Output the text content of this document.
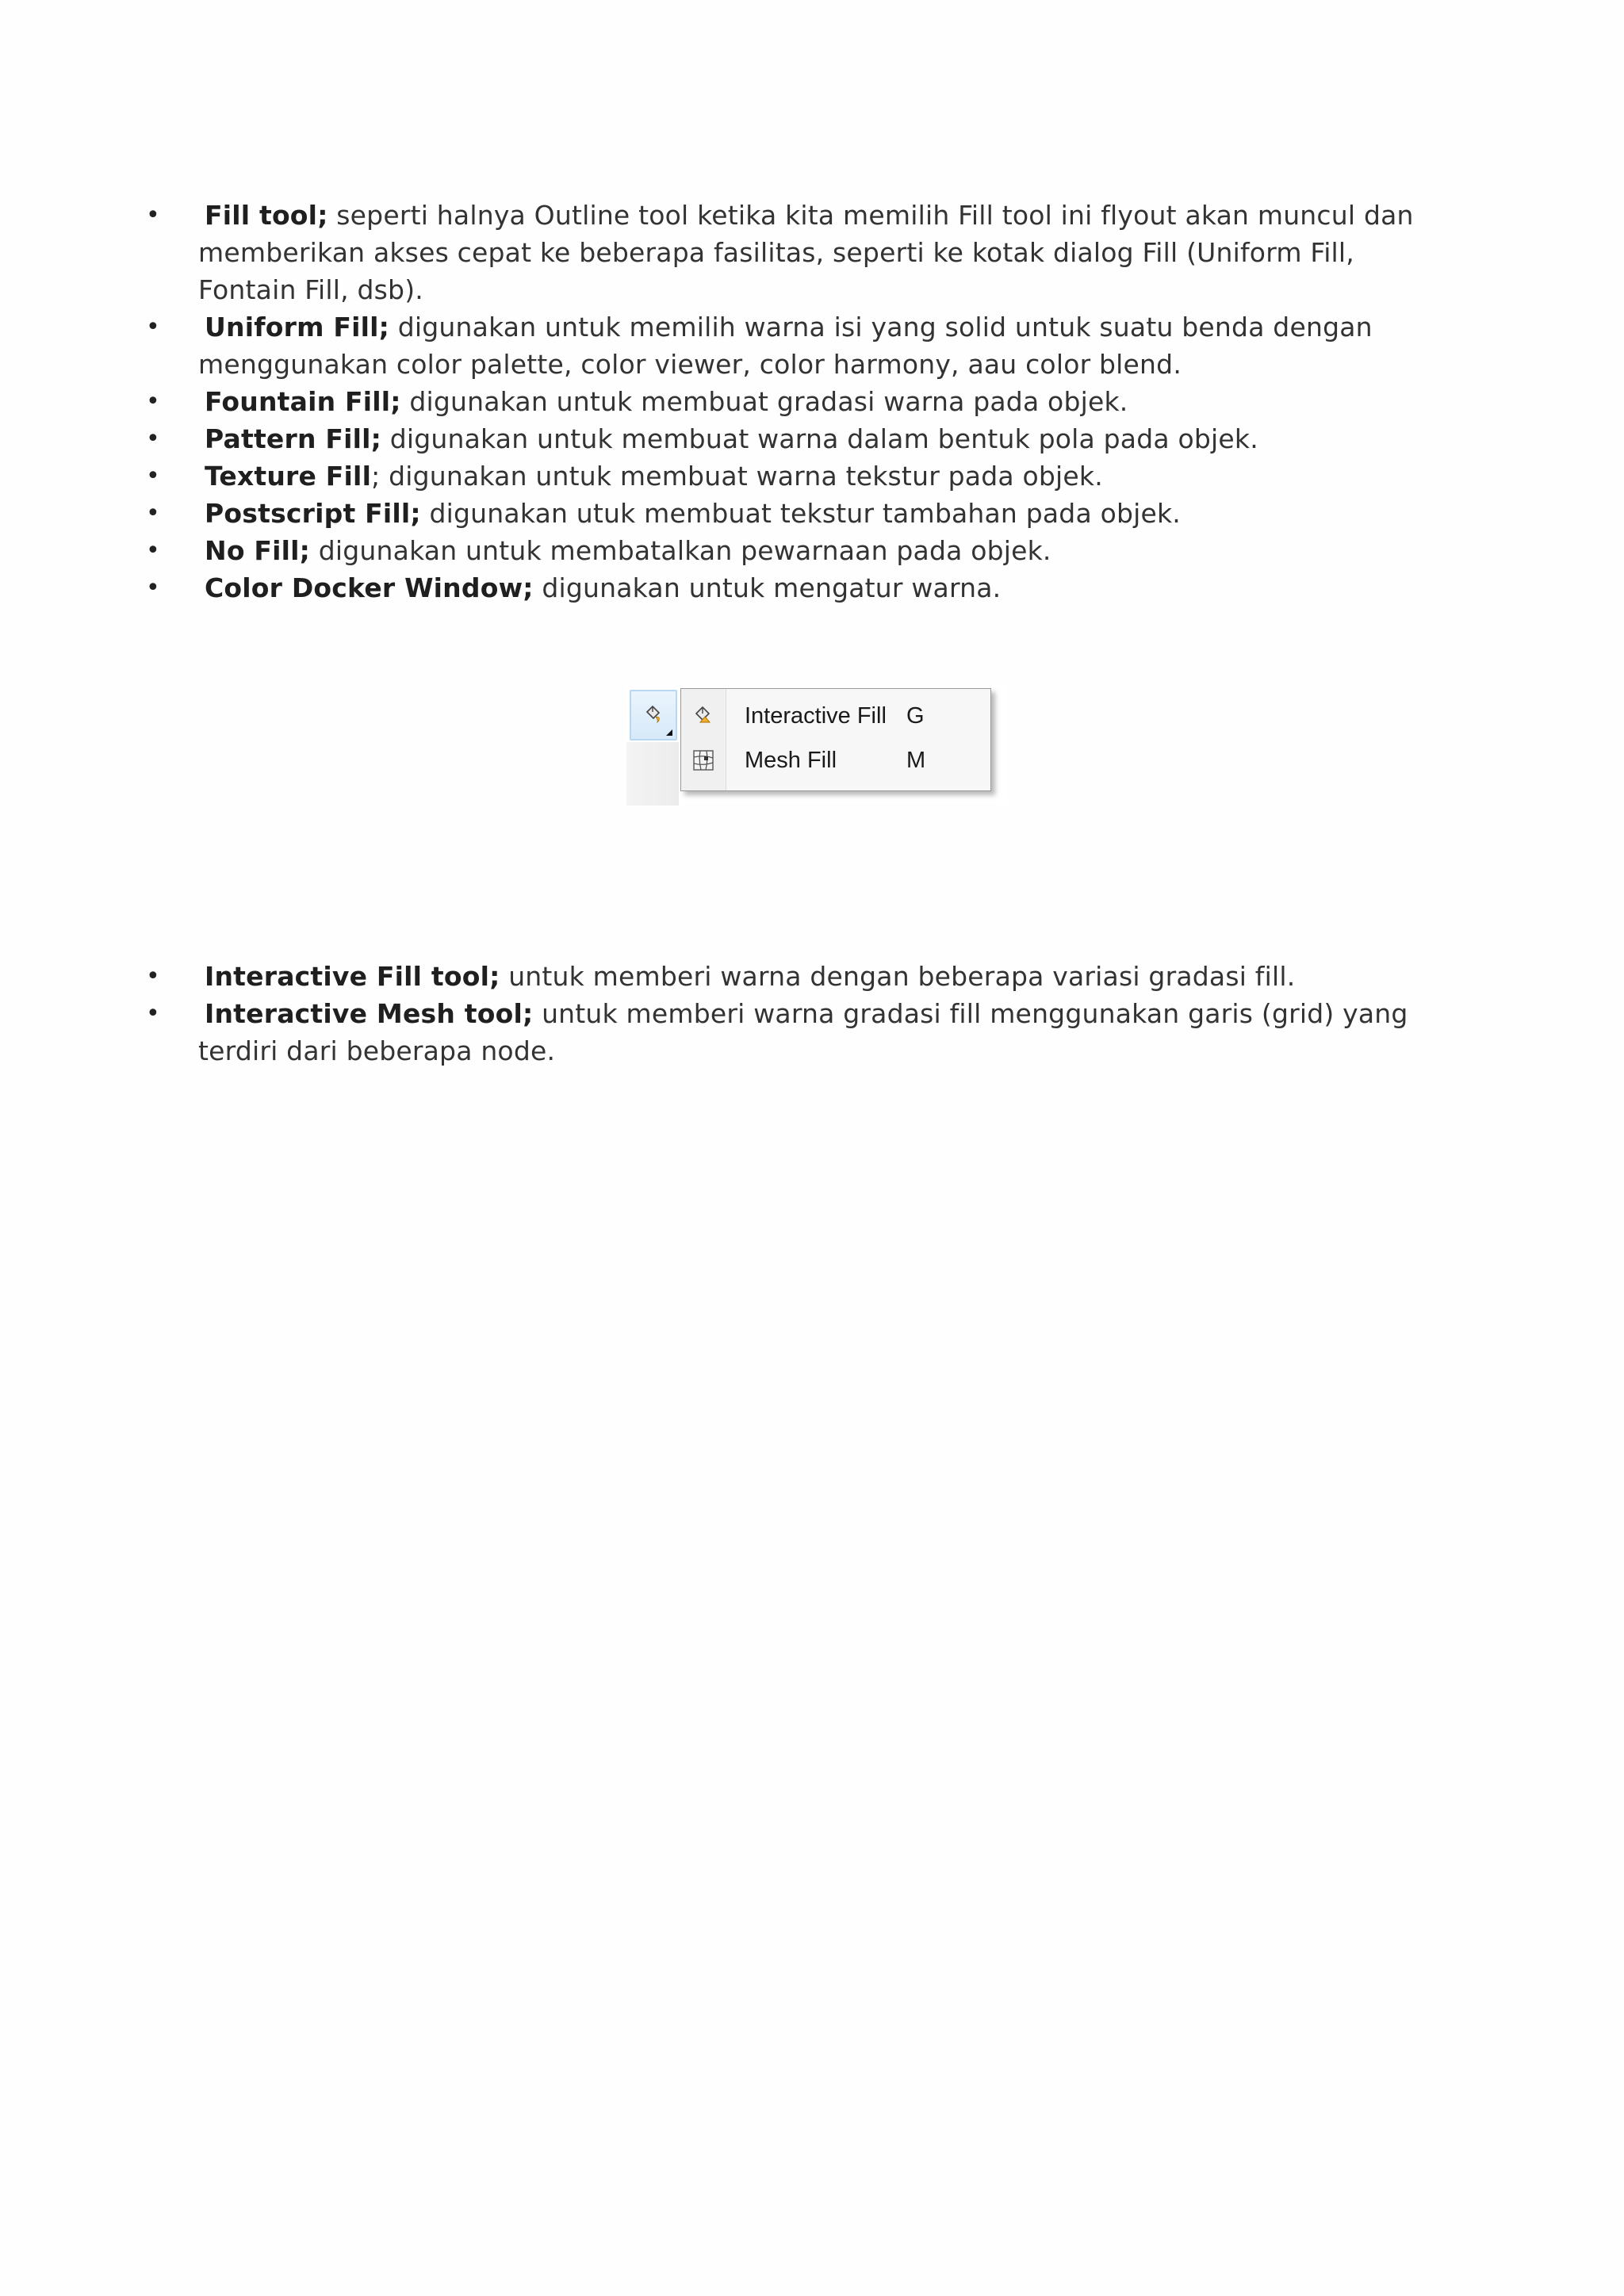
• Fill tool; seperti halnya Outline tool ketika kita memilih Fill tool ini flyout akan muncul dan memberikan akses cepat ke beberapa fasilitas, seperti ke kotak dialog Fill (Uniform Fill, Fontain Fill, dsb).
• Uniform Fill; digunakan untuk memilih warna isi yang solid untuk suatu benda dengan menggunakan color palette, color viewer, color harmony, aau color blend.
• Fountain Fill; digunakan untuk membuat gradasi warna pada objek.
• Pattern Fill; digunakan untuk membuat warna dalam bentuk pola pada objek.
• Texture Fill; digunakan untuk membuat warna tekstur pada objek.
• Postscript Fill; digunakan utuk membuat tekstur tambahan pada objek.
• No Fill; digunakan untuk membatalkan pewarnaan pada objek.
• Color Docker Window; digunakan untuk mengatur warna.
Interactive Fill G
Mesh Fill	M
• Interactive Fill tool; untuk memberi warna dengan beberapa variasi gradasi fill.
• Interactive Mesh tool; untuk memberi warna gradasi fill menggunakan garis (grid) yang terdiri dari beberapa node.
